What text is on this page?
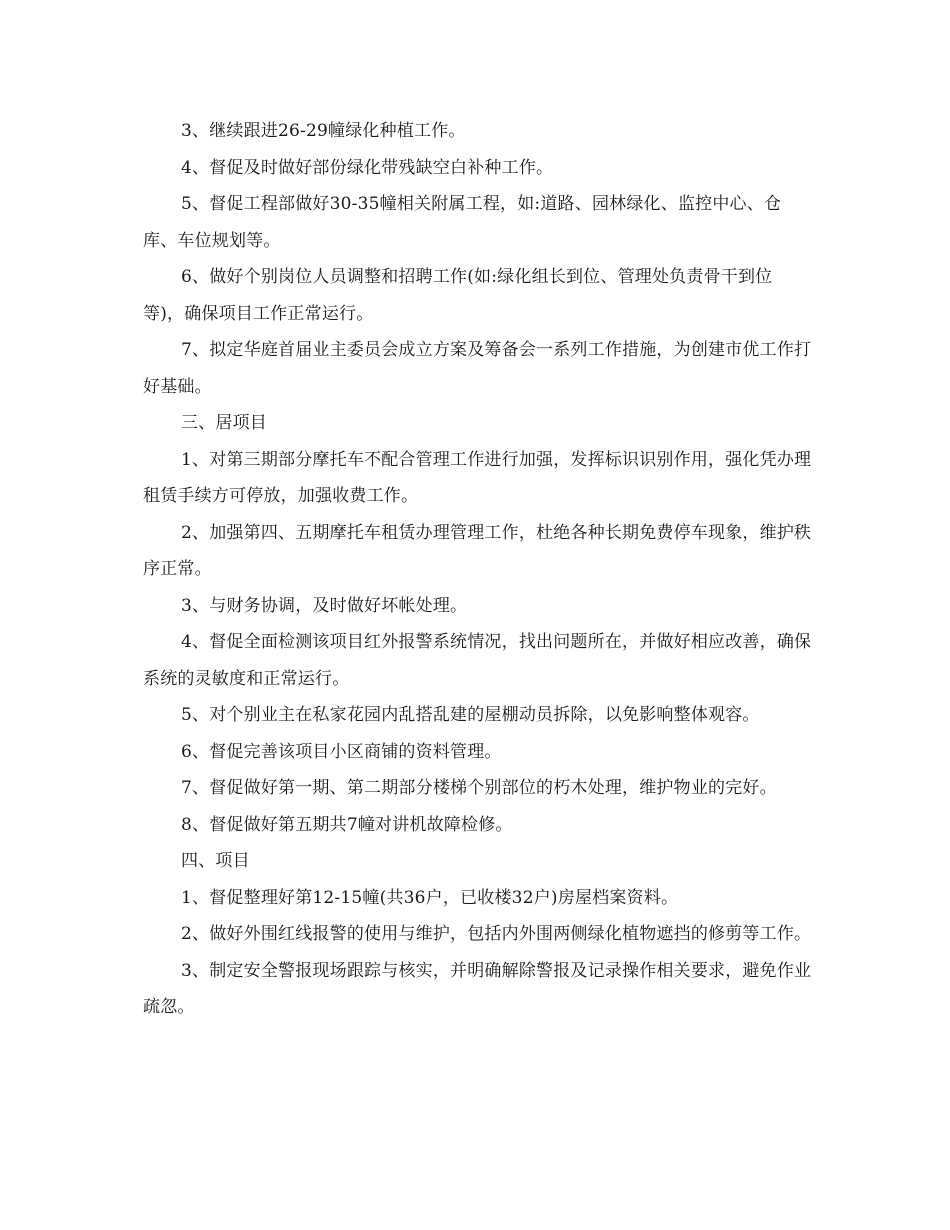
3、继续跟进26-29幢绿化种植工作。

4、督促及时做好部份绿化带残缺空白补种工作。

5、督促工程部做好30-35幢相关附属工程，如:道路、园林绿化、监控中心、仓库、车位规划等。

6、做好个别岗位人员调整和招聘工作(如:绿化组长到位、管理处负责骨干到位等)，确保项目工作正常运行。

7、拟定华庭首届业主委员会成立方案及筹备会一系列工作措施，为创建市优工作打好基础。

三、居项目

1、对第三期部分摩托车不配合管理工作进行加强，发挥标识识别作用，强化凭办理租赁手续方可停放，加强收费工作。

2、加强第四、五期摩托车租赁办理管理工作，杜绝各种长期免费停车现象，维护秩序正常。

3、与财务协调，及时做好坏帐处理。

4、督促全面检测该项目红外报警系统情况，找出问题所在，并做好相应改善，确保系统的灵敏度和正常运行。

5、对个别业主在私家花园内乱搭乱建的屋棚动员拆除，以免影响整体观容。

6、督促完善该项目小区商铺的资料管理。

7、督促做好第一期、第二期部分楼梯个别部位的朽木处理，维护物业的完好。

8、督促做好第五期共7幢对讲机故障检修。

四、项目

1、督促整理好第12-15幢(共36户，已收楼32户)房屋档案资料。

2、做好外围红线报警的使用与维护，包括内外围两侧绿化植物遮挡的修剪等工作。

3、制定安全警报现场跟踪与核实，并明确解除警报及记录操作相关要求，避免作业疏忽。
